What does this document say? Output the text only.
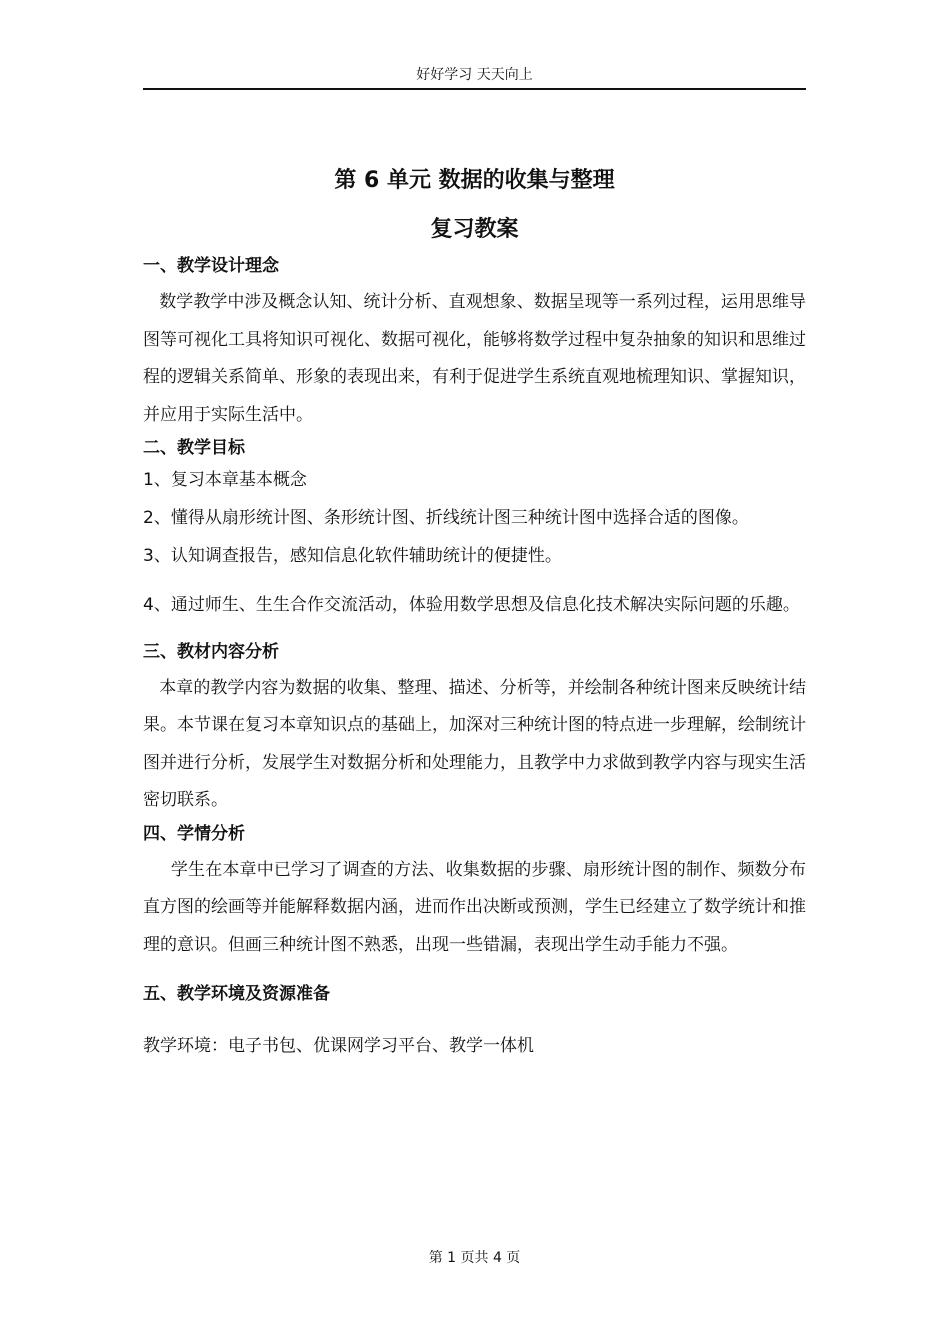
好好学习 天天向上
第 6 单元 数据的收集与整理
复习教案

一、教学设计理念

数学教学中涉及概念认知、统计分析、直观想象、数据呈现等一系列过程，运用思维导图等可视化工具将知识可视化、数据可视化，能够将数学过程中复杂抽象的知识和思维过程的逻辑关系简单、形象的表现出来，有利于促进学生系统直观地梳理知识、掌握知识，并应用于实际生活中。

二、教学目标

1、复习本章基本概念

2、懂得从扇形统计图、条形统计图、折线统计图三种统计图中选择合适的图像。

3、认知调查报告，感知信息化软件辅助统计的便捷性。

4、通过师生、生生合作交流活动，体验用数学思想及信息化技术解决实际问题的乐趣。

三、教材内容分析

本章的教学内容为数据的收集、整理、描述、分析等，并绘制各种统计图来反映统计结果。本节课在复习本章知识点的基础上，加深对三种统计图的特点进一步理解，绘制统计图并进行分析，发展学生对数据分析和处理能力，且教学中力求做到教学内容与现实生活密切联系。

四、学情分析

学生在本章中已学习了调查的方法、收集数据的步骤、扇形统计图的制作、频数分布直方图的绘画等并能解释数据内涵，进而作出决断或预测，学生已经建立了数学统计和推理的意识。但画三种统计图不熟悉，出现一些错漏，表现出学生动手能力不强。

五、教学环境及资源准备

教学环境：电子书包、优课网学习平台、教学一体机

第 1 页共 4 页
